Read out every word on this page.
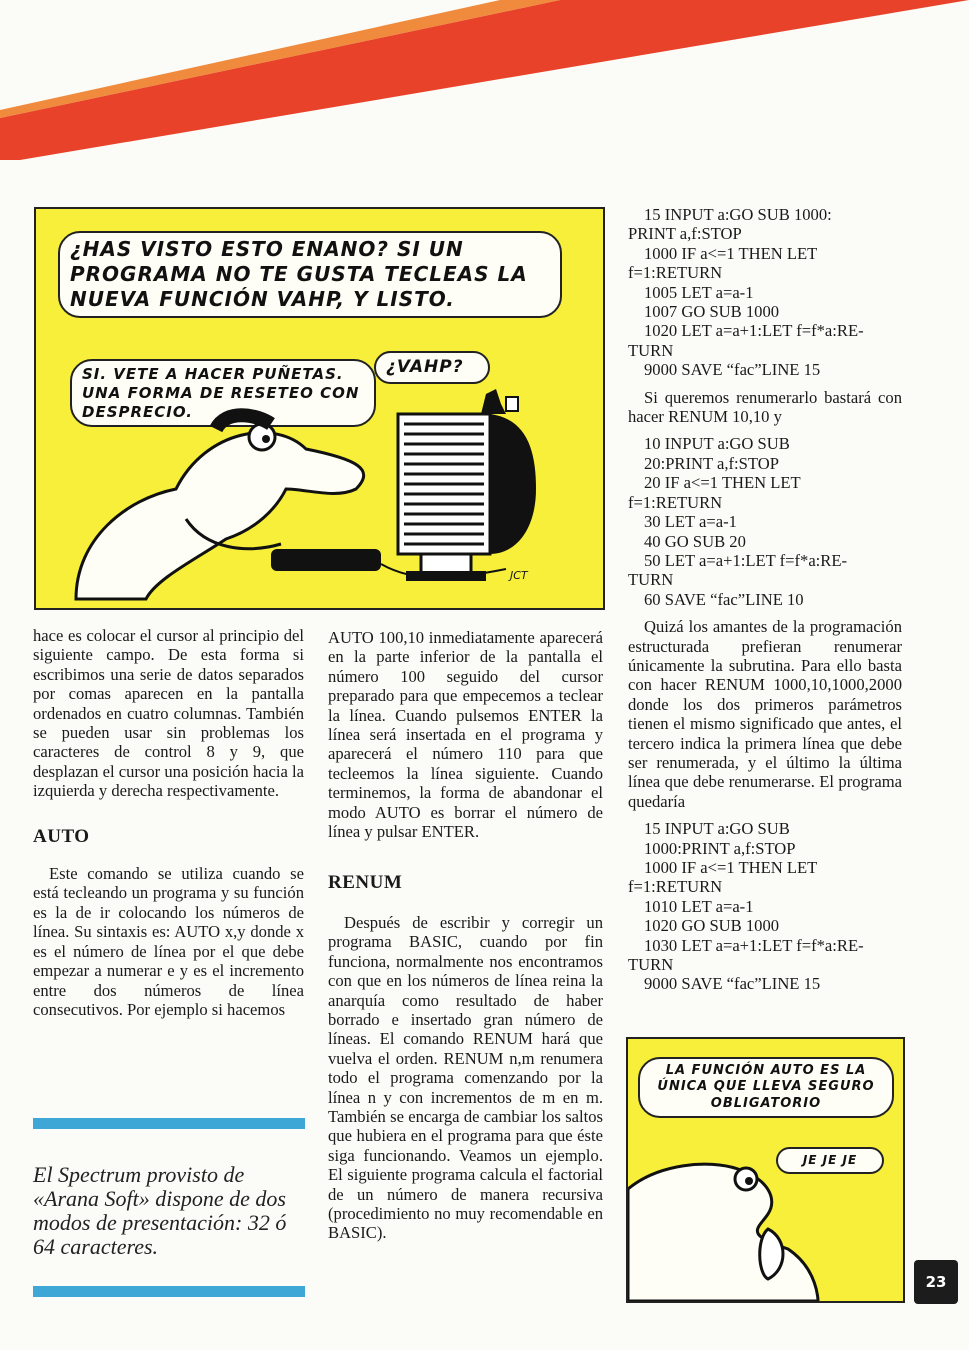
¿HAS VISTO ESTO ENANO? SI UN PROGRAMA NO TE GUSTA TECLEAS LA NUEVA FUNCIÓN VAHP, Y LISTO.
SI. VETE A HACER PUÑETAS. UNA FORMA DE RESETEO CON DESPRECIO.
¿VAHP?
JCT

hace es colocar el cursor al principio del siguiente campo. De esta forma si escribimos una serie de datos separados por comas aparecen en la pantalla ordenados en cuatro columnas. También se pueden usar sin problemas los caracteres de control 8 y 9, que desplazan el cursor una posición hacia la izquierda y derecha respectivamente.

AUTO

Este comando se utiliza cuando se está tecleando un programa y su función es la de ir colocando los números de línea. Su sintaxis es: AUTO x,y donde x es el número de línea por el que debe empezar a numerar e y es el incremento entre dos números de línea consecutivos. Por ejemplo si hacemos

El Spectrum provisto de «Arana Soft» dispone de dos modos de presentación: 32 ó 64 caracteres.

AUTO 100,10 inmediatamente aparecerá en la parte inferior de la pantalla el número 100 seguido del cursor preparado para que empecemos a teclear la línea. Cuando pulsemos ENTER la línea será insertada en el programa y aparecerá el número 110 para que tecleemos la línea siguiente. Cuando terminemos, la forma de abandonar el modo AUTO es borrar el número de línea y pulsar ENTER.

RENUM

Después de escribir y corregir un programa BASIC, cuando por fin funciona, normalmente nos encontramos con que en los números de línea reina la anarquía como resultado de haber borrado e insertado gran número de líneas. El comando RENUM hará que vuelva el orden. RENUM n,m renumera todo el programa comenzando por la línea n y con incrementos de m en m. También se encarga de cambiar los saltos que hubiera en el programa para que éste siga funcionando. Veamos un ejemplo. El siguiente programa calcula el factorial de un número de manera recursiva (procedimiento no muy recomendable en BASIC).

15 INPUT a:GO SUB 1000:

PRINT a,f:STOP

1000 IF a<=1 THEN LET

f=1:RETURN

1005 LET a=a-1

1007 GO SUB 1000

1020 LET a=a+1:LET f=f*a:RE-

TURN

9000 SAVE “fac”LINE 15

Si queremos renumerarlo bastará con hacer RENUM 10,10 y

10 INPUT a:GO SUB

20:PRINT a,f:STOP

20 IF a<=1 THEN LET

f=1:RETURN

30 LET a=a-1

40 GO SUB 20

50 LET a=a+1:LET f=f*a:RE-

TURN

60 SAVE “fac”LINE 10

Quizá los amantes de la programación estructurada prefieran renumerar únicamente la subrutina. Para ello basta con hacer RENUM 1000,10,1000,2000 donde los dos primeros parámetros tienen el mismo significado que antes, el tercero indica la primera línea que debe ser renumerada, y el último la última línea que debe renumerarse. El programa quedaría

15 INPUT a:GO SUB

1000:PRINT a,f:STOP

1000 IF a<=1 THEN LET

f=1:RETURN

1010 LET a=a-1

1020 GO SUB 1000

1030 LET a=a+1:LET f=f*a:RE-

TURN

9000 SAVE “fac”LINE 15

LA FUNCIÓN AUTO ES LA ÚNICA QUE LLEVA SEGURO OBLIGATORIO
JE JE JE
23
